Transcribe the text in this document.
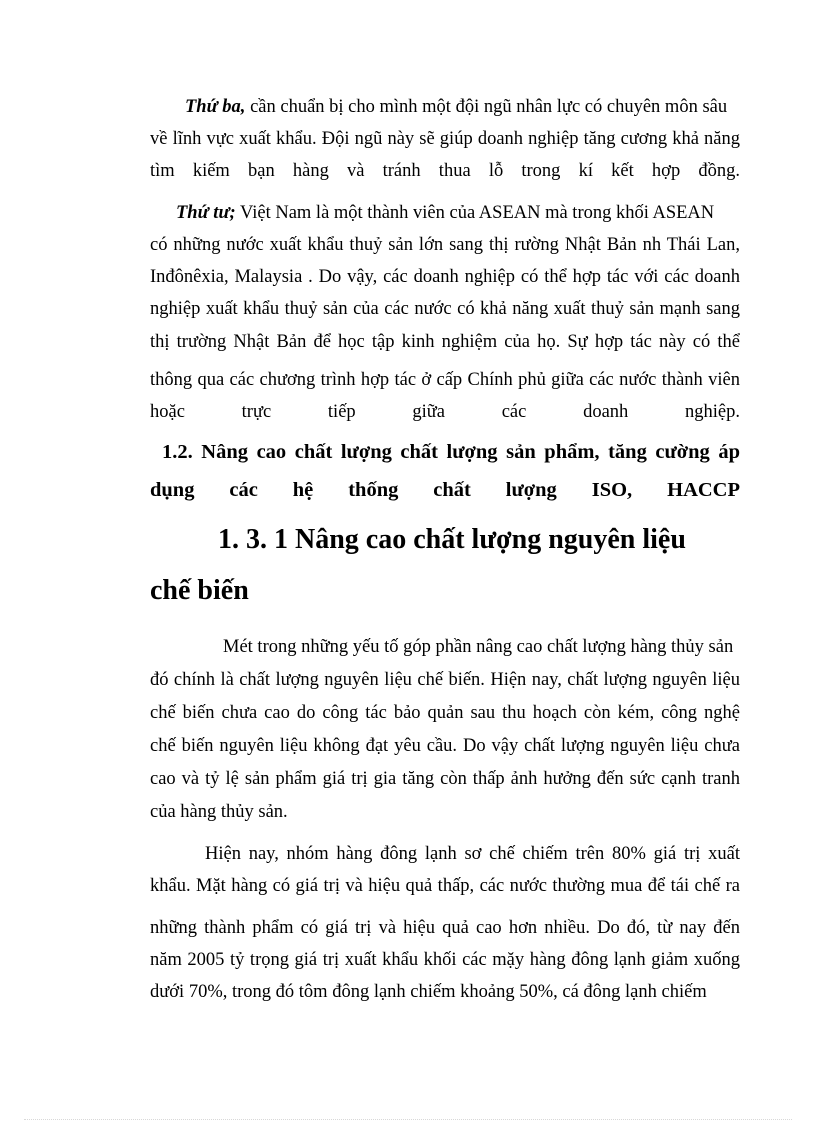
Thứ ba, cần chuẩn bị cho mình một đội ngũ nhân lực có chuyên môn sâu
về lĩnh vực xuất khẩu. Đội ngũ này sẽ giúp doanh nghiệp tăng cương khả năng
tìm kiếm bạn hàng và tránh thua lỗ trong kí kết hợp đồng.
Thứ tư; Việt Nam là một thành viên của ASEAN mà trong khối ASEAN
có những nước xuất khẩu thuỷ sản lớn sang thị rường Nhật Bản nh Thái Lan,
Inđônêxia, Malaysia . Do vậy, các doanh nghiệp có thể hợp tác với các doanh
nghiệp xuất khẩu thuỷ sản của các nước có khả năng xuất thuỷ sản mạnh sang
thị trường Nhật Bản để học tập kinh nghiệm của họ. Sự hợp tác này có thể
thông qua các chương trình hợp tác ở cấp Chính phủ giữa các nước thành viên
hoặc trực tiếp giữa các doanh nghiệp.
1.2. Nâng cao chất lượng chất lượng sản phẩm, tăng cường áp
dụng các hệ thống chất lượng ISO, HACCP
1. 3. 1 Nâng cao chất lượng nguyên liệu
chế biến
Mét trong những yếu tố góp phần nâng cao chất lượng hàng thủy sản
đó chính là chất lượng nguyên liệu chế biến. Hiện nay, chất lượng nguyên liệu
chế biến chưa cao do công tác bảo quản sau thu hoạch còn kém, công nghệ
chế biến nguyên liệu không đạt yêu cầu. Do vậy chất lượng nguyên liệu chưa
cao và tỷ lệ sản phẩm giá trị gia tăng còn thấp ảnh hưởng đến sức cạnh tranh
của hàng thủy sản.
Hiện nay, nhóm hàng đông lạnh sơ chế chiếm trên 80% giá trị xuất
khẩu. Mặt hàng có giá trị và hiệu quả thấp, các nước thường mua để tái chế ra
những thành phẩm có giá trị và hiệu quả cao hơn nhiều. Do đó, từ nay đến
năm 2005 tỷ trọng giá trị xuất khẩu khối các mặy hàng đông lạnh giảm xuống
dưới 70%, trong đó tôm đông lạnh chiếm khoảng 50%, cá đông lạnh chiếm
